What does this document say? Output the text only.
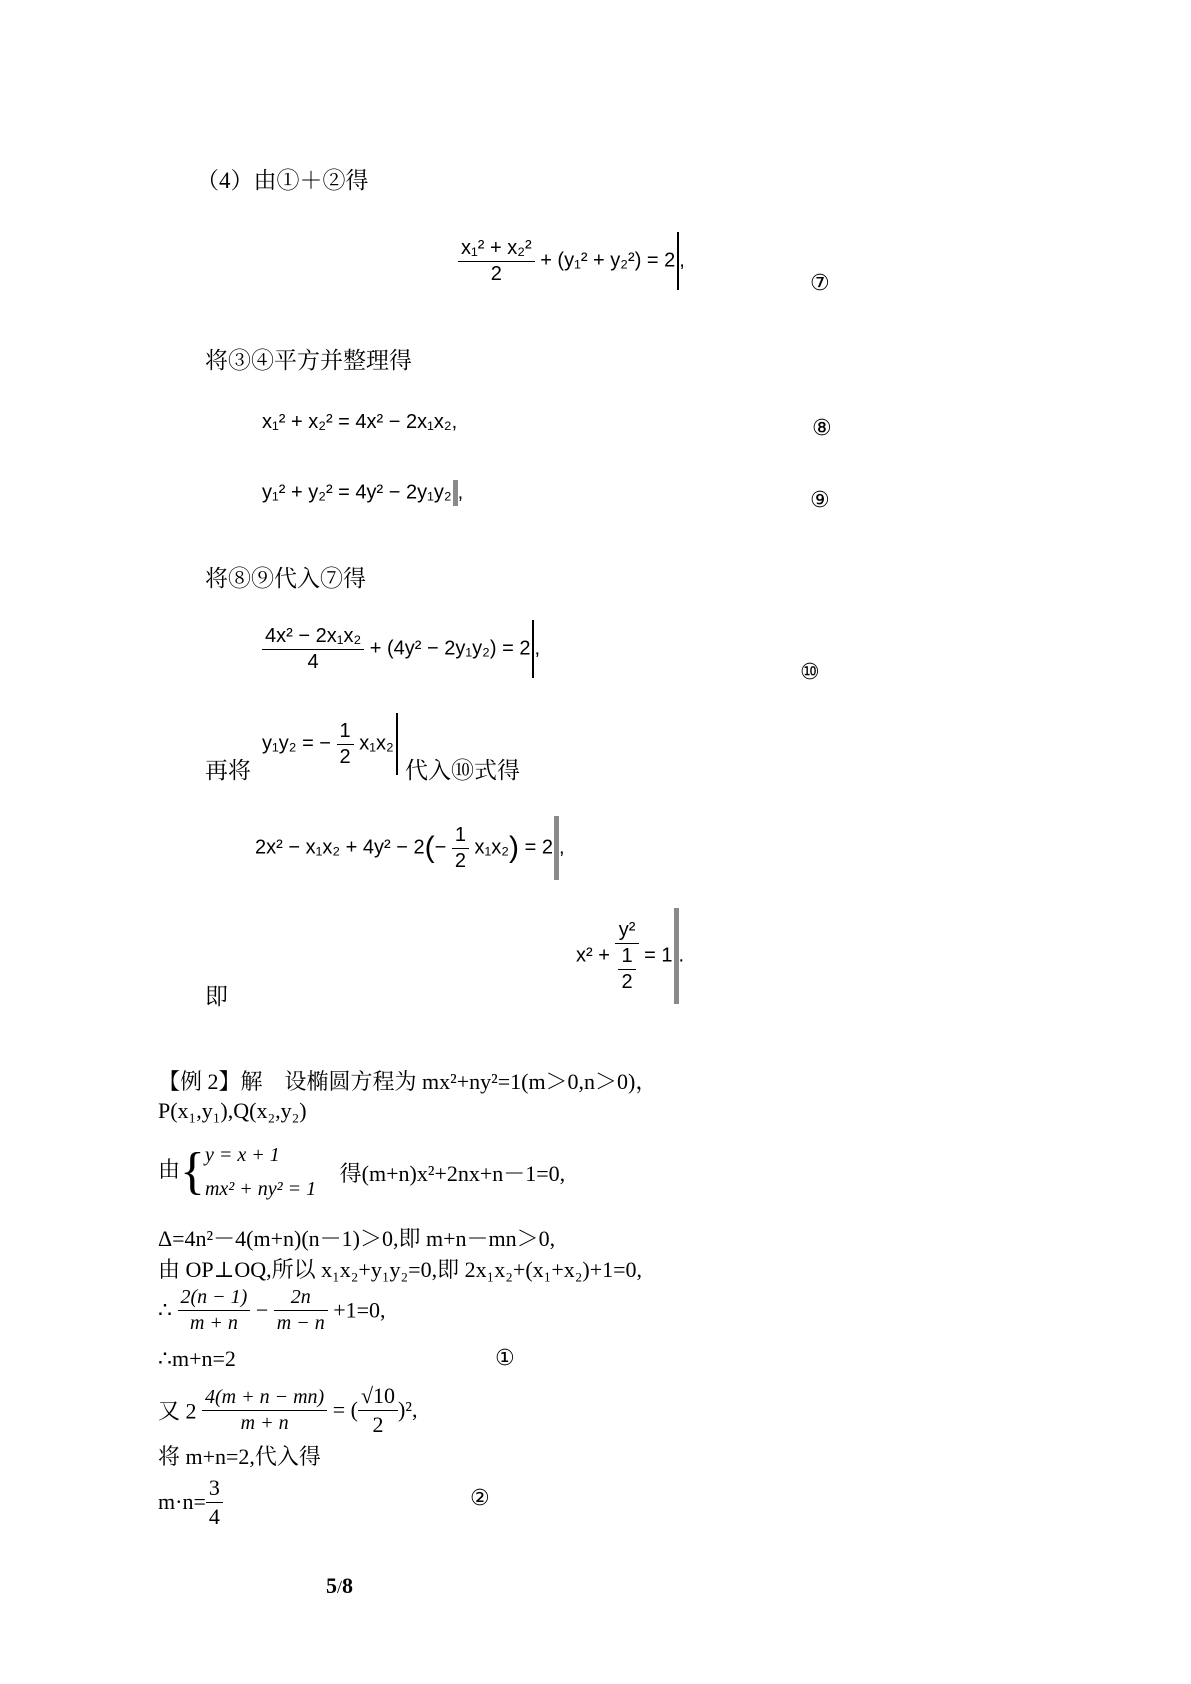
（4）由①＋②得
$\frac{\text{x₁² + x₂²}}{2} + (y_1^2 + y_2^2) = 2$ ,
⑦
将③④平方并整理得
x₁² + x₂² = 4x² − 2x₁x₂,	⑧
y₁² + y₂² = 4y² − 2y₁y₂ ,	⑨
将⑧⑨代入⑦得
$\frac{\text{4x² − 2x₁x₂}}{4} + (4y^2 - 2y_1y_2) = 2$ ,
⑩
再将
y₁y₂ = − $\frac{1}{2} x_1x_2$
代入⑩式得
$2x^2 - x_1x_2 + 4y^2 - 2(- \frac{1}{2} x_1x_2) = 2$ ,
即
$x^2 + \frac{\text{y²}}{\frac{1}{2}} = 1$ .
【例 2】解　设椭圆方程为 mx²+ny²=1(m＞0,n＞0)，
P(x₁,y₁),Q(x₂,y₂)
由{ y = x + 1
mx² + ny² = 1
得(m+n)x²+2nx+n－1=0,
Δ=4n²－4(m+n)(n－1)＞0,即 m+n－mn＞0,
由 OP⊥OQ,所以 x₁x₂+y₁y₂=0,即 2x₁x₂+(x₁+x₂)+1=0,
∴ $\frac{2(n - 1)}{m + n} - \frac{2n}{m - n} +1=0$,
∴m+n=2	①
又 $2 \frac{4(m + n - mn)}{m + n}$ = ( $\frac{√10}{2} )^2$,
将 m+n=2,代入得
$m\cdot n= \frac{3}{4}$	②
5/8
